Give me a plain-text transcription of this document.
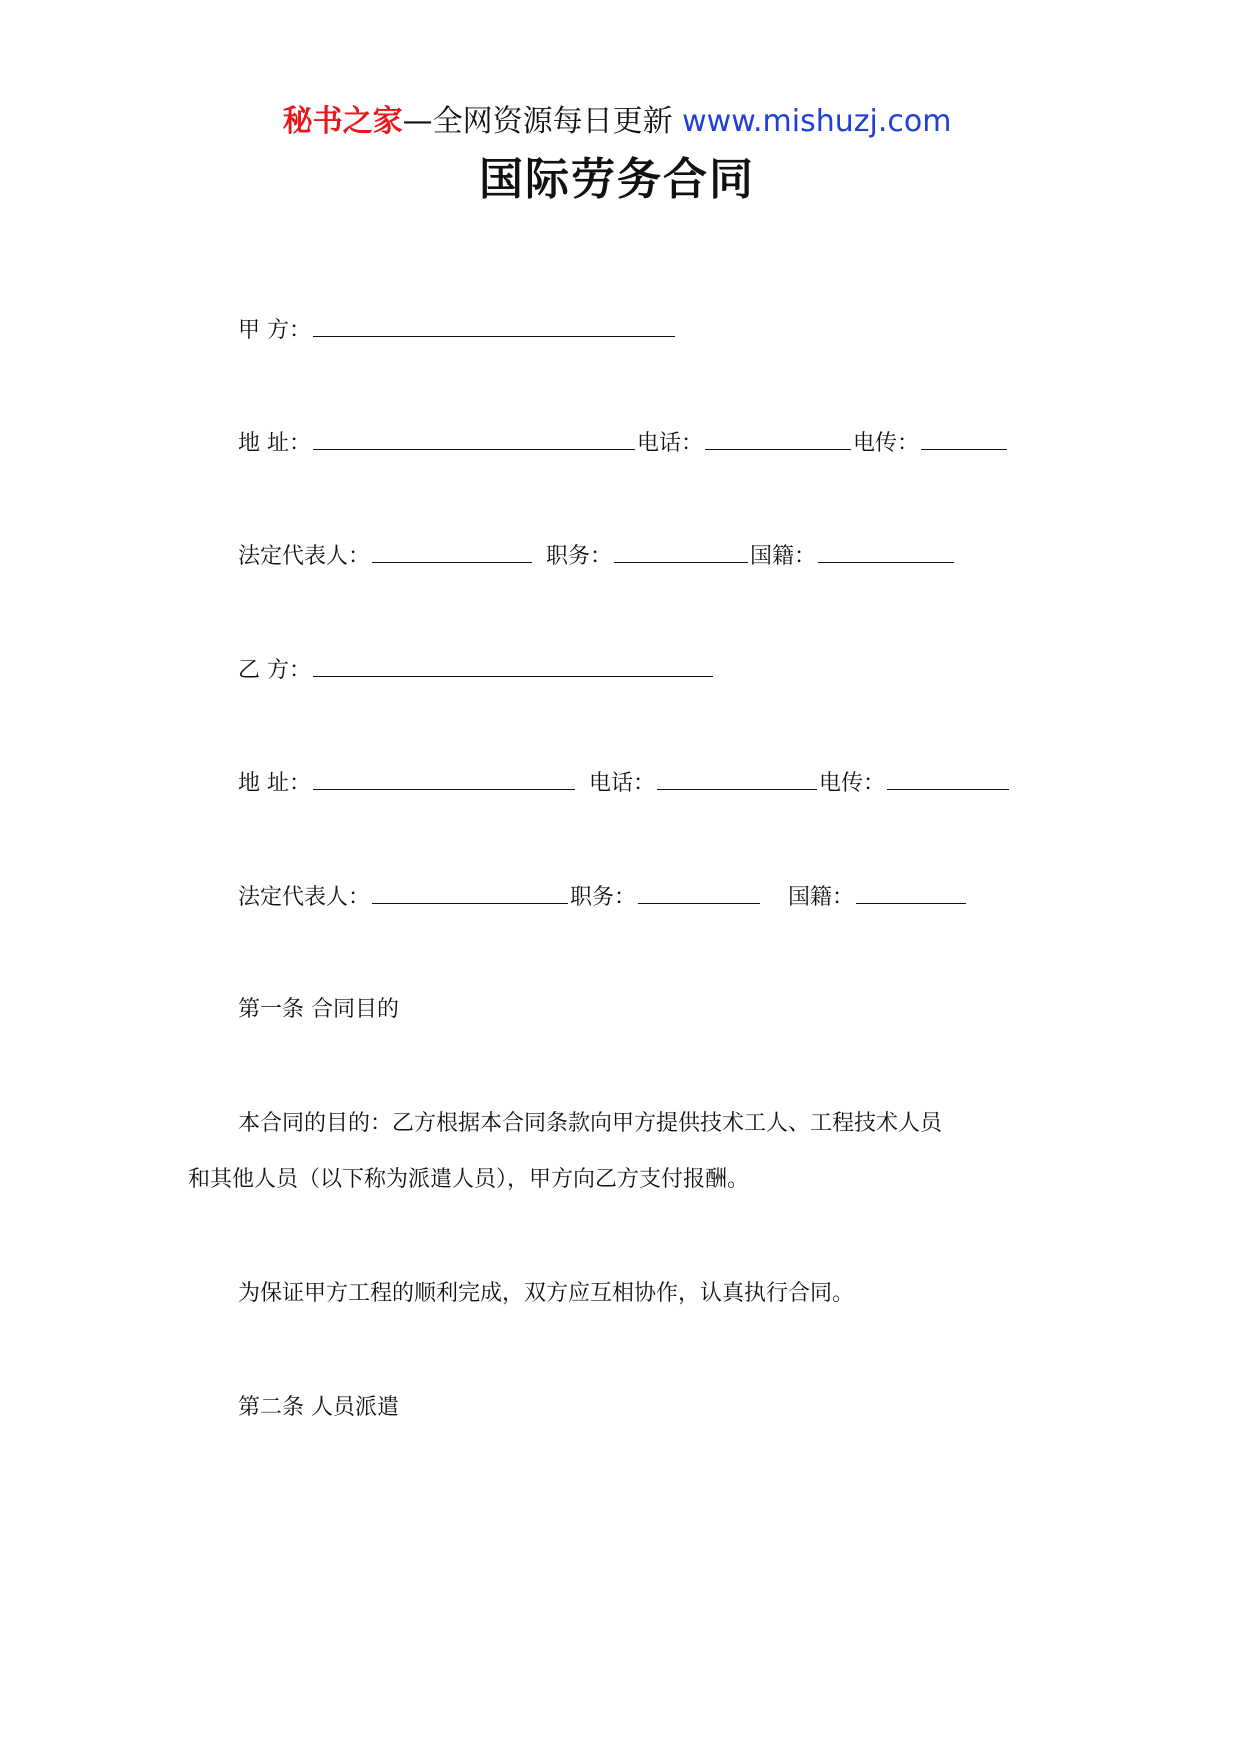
秘书之家—全网资源每日更新 www.mishuzj.com
国际劳务合同
甲 方：
地 址：	电话：	电传：
法定代表人：	职务：	国籍：
乙 方：
地 址：	电话：	电传：
法定代表人：	职务：	国籍：
第一条 合同目的
本合同的目的：乙方根据本合同条款向甲方提供技术工人、工程技术人员
和其他人员（以下称为派遣人员），甲方向乙方支付报酬。
为保证甲方工程的顺利完成，双方应互相协作，认真执行合同。
第二条 人员派遣
